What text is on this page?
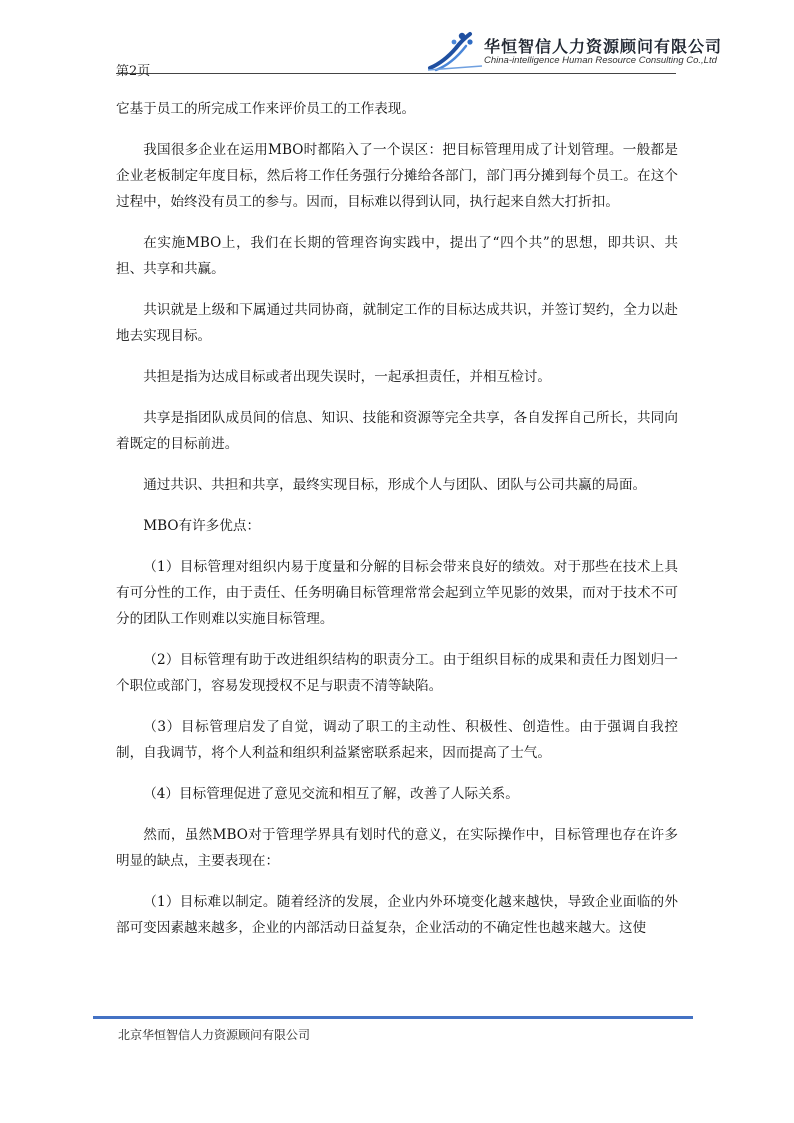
第2页
华恒智信人力资源顾问有限公司
China-intelligence Human Resource Consulting Co.,Ltd

它基于员工的所完成工作来评价员工的工作表现。

我国很多企业在运用MBO时都陷入了一个误区：把目标管理用成了计划管理。一般都是企业老板制定年度目标，然后将工作任务强行分摊给各部门，部门再分摊到每个员工。在这个过程中，始终没有员工的参与。因而，目标难以得到认同，执行起来自然大打折扣。

在实施MBO上，我们在长期的管理咨询实践中，提出了“四个共”的思想，即共识、共担、共享和共赢。

共识就是上级和下属通过共同协商，就制定工作的目标达成共识，并签订契约，全力以赴地去实现目标。

共担是指为达成目标或者出现失误时，一起承担责任，并相互检讨。

共享是指团队成员间的信息、知识、技能和资源等完全共享，各自发挥自己所长，共同向着既定的目标前进。

通过共识、共担和共享，最终实现目标，形成个人与团队、团队与公司共赢的局面。

MBO有许多优点：

（1）目标管理对组织内易于度量和分解的目标会带来良好的绩效。对于那些在技术上具有可分性的工作，由于责任、任务明确目标管理常常会起到立竿见影的效果，而对于技术不可分的团队工作则难以实施目标管理。

（2）目标管理有助于改进组织结构的职责分工。由于组织目标的成果和责任力图划归一个职位或部门，容易发现授权不足与职责不清等缺陷。

（3）目标管理启发了自觉，调动了职工的主动性、积极性、创造性。由于强调自我控制，自我调节，将个人利益和组织利益紧密联系起来，因而提高了士气。

（4）目标管理促进了意见交流和相互了解，改善了人际关系。

然而，虽然MBO对于管理学界具有划时代的意义，在实际操作中，目标管理也存在许多明显的缺点，主要表现在：

（1）目标难以制定。随着经济的发展，企业内外环境变化越来越快，导致企业面临的外部可变因素越来越多，企业的内部活动日益复杂，企业活动的不确定性也越来越大。这使

北京华恒智信人力资源顾问有限公司
